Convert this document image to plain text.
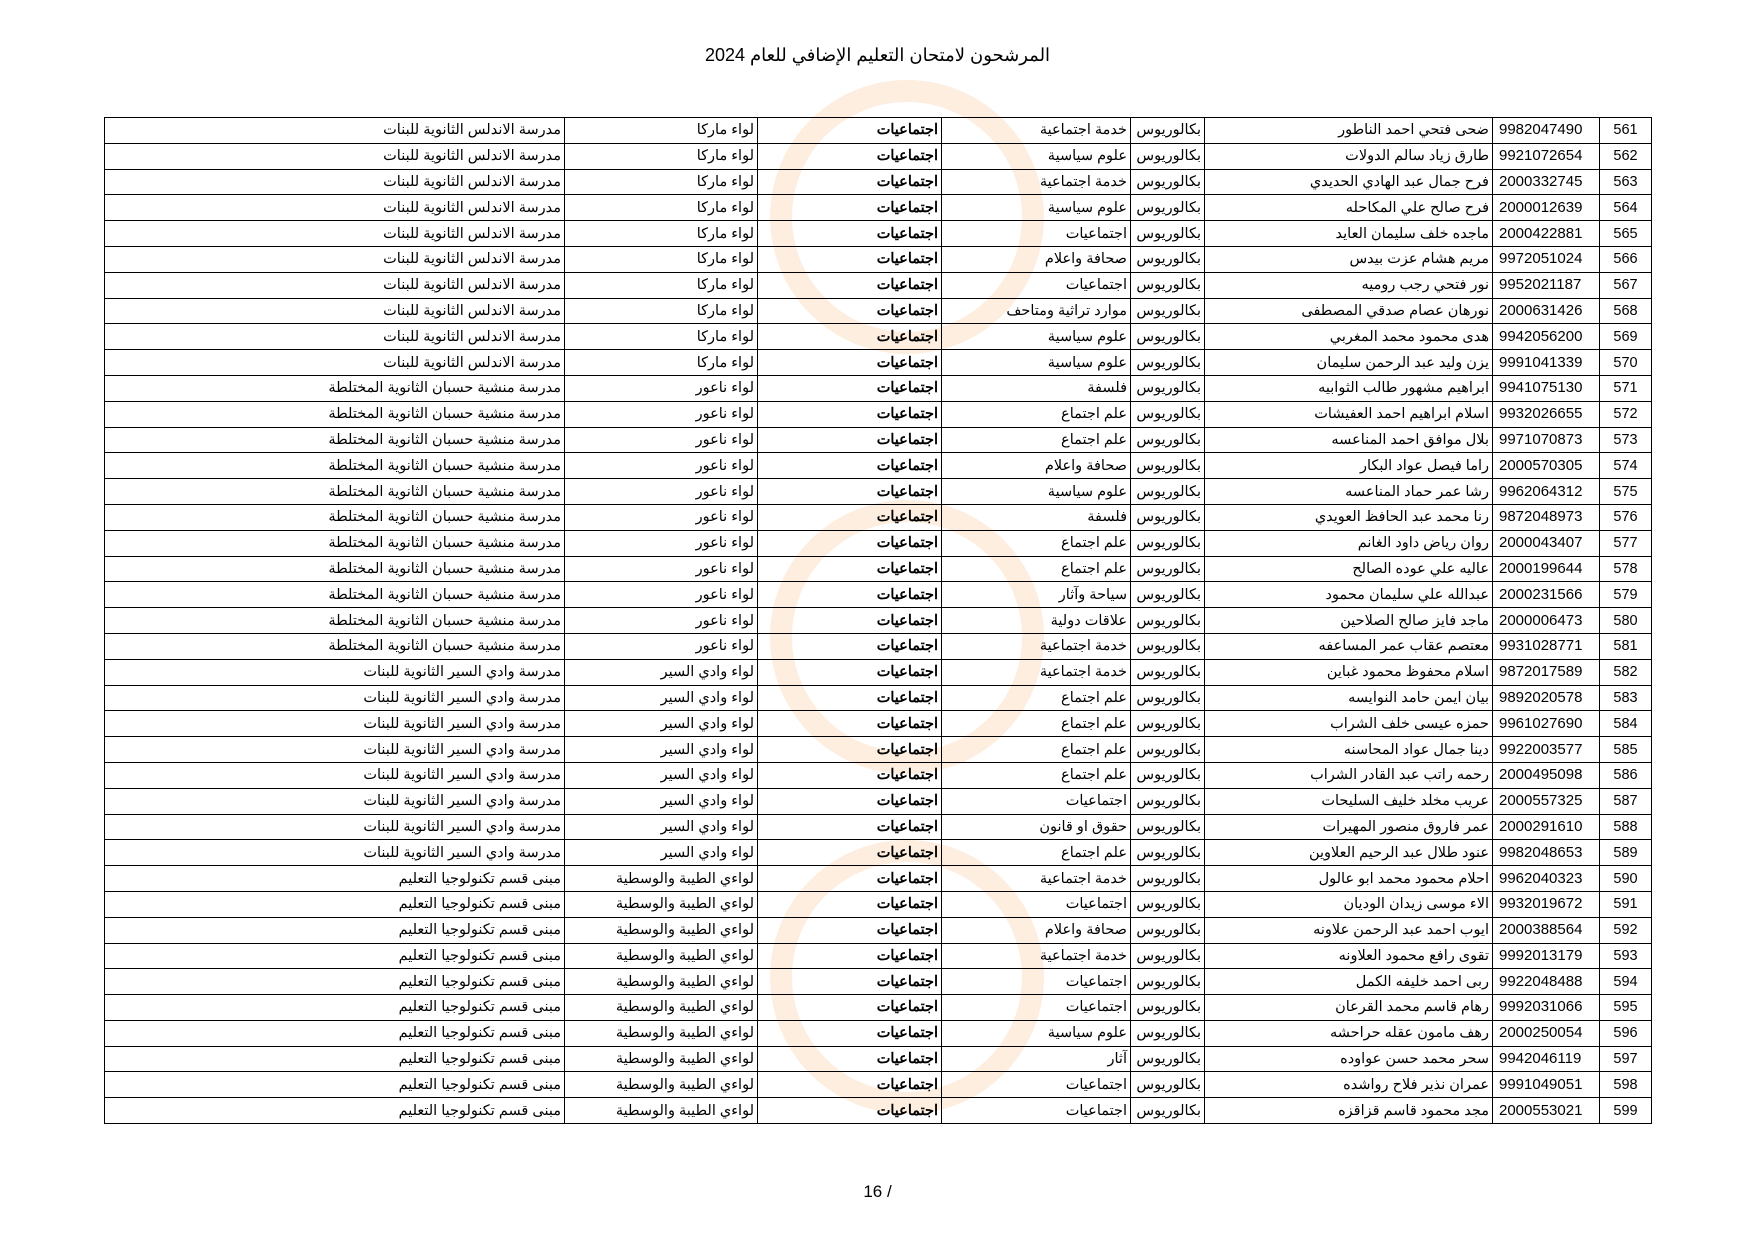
المرشحون لامتحان التعليم الإضافي للعام 2024
561	9982047490	ضحى فتحي احمد الناطور	بكالوريوس	خدمة اجتماعية	اجتماعيات	لواء ماركا	مدرسة الاندلس الثانوية للبنات
562	9921072654	طارق زياد سالم الدولات	بكالوريوس	علوم سياسية	اجتماعيات	لواء ماركا	مدرسة الاندلس الثانوية للبنات
563	2000332745	فرح جمال عبد الهادي الحديدي	بكالوريوس	خدمة اجتماعية	اجتماعيات	لواء ماركا	مدرسة الاندلس الثانوية للبنات
564	2000012639	فرح صالح علي المكاحله	بكالوريوس	علوم سياسية	اجتماعيات	لواء ماركا	مدرسة الاندلس الثانوية للبنات
565	2000422881	ماجده خلف سليمان العايد	بكالوريوس	اجتماعيات	اجتماعيات	لواء ماركا	مدرسة الاندلس الثانوية للبنات
566	9972051024	مريم هشام عزت بيدس	بكالوريوس	صحافة واعلام	اجتماعيات	لواء ماركا	مدرسة الاندلس الثانوية للبنات
567	9952021187	نور فتحي رجب روميه	بكالوريوس	اجتماعيات	اجتماعيات	لواء ماركا	مدرسة الاندلس الثانوية للبنات
568	2000631426	نورهان عصام صدقي المصطفى	بكالوريوس	موارد تراثية ومتاحف	اجتماعيات	لواء ماركا	مدرسة الاندلس الثانوية للبنات
569	9942056200	هدى محمود محمد المغربي	بكالوريوس	علوم سياسية	اجتماعيات	لواء ماركا	مدرسة الاندلس الثانوية للبنات
570	9991041339	يزن وليد عبد الرحمن سليمان	بكالوريوس	علوم سياسية	اجتماعيات	لواء ماركا	مدرسة الاندلس الثانوية للبنات
571	9941075130	ابراهيم مشهور طالب الثوابيه	بكالوريوس	فلسفة	اجتماعيات	لواء ناعور	مدرسة منشية حسبان الثانوية المختلطة
572	9932026655	اسلام ابراهيم احمد العفيشات	بكالوريوس	علم اجتماع	اجتماعيات	لواء ناعور	مدرسة منشية حسبان الثانوية المختلطة
573	9971070873	بلال موافق احمد المناعسه	بكالوريوس	علم اجتماع	اجتماعيات	لواء ناعور	مدرسة منشية حسبان الثانوية المختلطة
574	2000570305	راما فيصل عواد البكار	بكالوريوس	صحافة واعلام	اجتماعيات	لواء ناعور	مدرسة منشية حسبان الثانوية المختلطة
575	9962064312	رشا عمر حماد المناعسه	بكالوريوس	علوم سياسية	اجتماعيات	لواء ناعور	مدرسة منشية حسبان الثانوية المختلطة
576	9872048973	رنا محمد عبد الحافظ العويدي	بكالوريوس	فلسفة	اجتماعيات	لواء ناعور	مدرسة منشية حسبان الثانوية المختلطة
577	2000043407	روان رياض داود الغانم	بكالوريوس	علم اجتماع	اجتماعيات	لواء ناعور	مدرسة منشية حسبان الثانوية المختلطة
578	2000199644	عاليه علي عوده الصالح	بكالوريوس	علم اجتماع	اجتماعيات	لواء ناعور	مدرسة منشية حسبان الثانوية المختلطة
579	2000231566	عبدالله علي سليمان محمود	بكالوريوس	سياحة وآثار	اجتماعيات	لواء ناعور	مدرسة منشية حسبان الثانوية المختلطة
580	2000006473	ماجد فايز صالح الصلاحين	بكالوريوس	علاقات دولية	اجتماعيات	لواء ناعور	مدرسة منشية حسبان الثانوية المختلطة
581	9931028771	معتصم عقاب عمر المساعفه	بكالوريوس	خدمة اجتماعية	اجتماعيات	لواء ناعور	مدرسة منشية حسبان الثانوية المختلطة
582	9872017589	اسلام محفوظ محمود غباين	بكالوريوس	خدمة اجتماعية	اجتماعيات	لواء وادي السير	مدرسة وادي السير الثانوية للبنات
583	9892020578	بيان ايمن حامد النوايسه	بكالوريوس	علم اجتماع	اجتماعيات	لواء وادي السير	مدرسة وادي السير الثانوية للبنات
584	9961027690	حمزه عيسى خلف الشراب	بكالوريوس	علم اجتماع	اجتماعيات	لواء وادي السير	مدرسة وادي السير الثانوية للبنات
585	9922003577	دينا جمال عواد المحاسنه	بكالوريوس	علم اجتماع	اجتماعيات	لواء وادي السير	مدرسة وادي السير الثانوية للبنات
586	2000495098	رحمه راتب عبد القادر الشراب	بكالوريوس	علم اجتماع	اجتماعيات	لواء وادي السير	مدرسة وادي السير الثانوية للبنات
587	2000557325	عريب مخلد خليف السليحات	بكالوريوس	اجتماعيات	اجتماعيات	لواء وادي السير	مدرسة وادي السير الثانوية للبنات
588	2000291610	عمر فاروق منصور المهيرات	بكالوريوس	حقوق او قانون	اجتماعيات	لواء وادي السير	مدرسة وادي السير الثانوية للبنات
589	9982048653	عنود طلال عبد الرحيم العلاوين	بكالوريوس	علم اجتماع	اجتماعيات	لواء وادي السير	مدرسة وادي السير الثانوية للبنات
590	9962040323	احلام محمود محمد ابو عالول	بكالوريوس	خدمة اجتماعية	اجتماعيات	لواءي الطيبة والوسطية	مبنى قسم تكنولوجيا التعليم
591	9932019672	الاء موسى زيدان الوديان	بكالوريوس	اجتماعيات	اجتماعيات	لواءي الطيبة والوسطية	مبنى قسم تكنولوجيا التعليم
592	2000388564	ايوب احمد عبد الرحمن علاونه	بكالوريوس	صحافة واعلام	اجتماعيات	لواءي الطيبة والوسطية	مبنى قسم تكنولوجيا التعليم
593	9992013179	تقوى رافع محمود العلاونه	بكالوريوس	خدمة اجتماعية	اجتماعيات	لواءي الطيبة والوسطية	مبنى قسم تكنولوجيا التعليم
594	9922048488	ربى احمد خليفه الكمل	بكالوريوس	اجتماعيات	اجتماعيات	لواءي الطيبة والوسطية	مبنى قسم تكنولوجيا التعليم
595	9992031066	رهام قاسم محمد القرعان	بكالوريوس	اجتماعيات	اجتماعيات	لواءي الطيبة والوسطية	مبنى قسم تكنولوجيا التعليم
596	2000250054	رهف مامون عقله حراحشه	بكالوريوس	علوم سياسية	اجتماعيات	لواءي الطيبة والوسطية	مبنى قسم تكنولوجيا التعليم
597	9942046119	سحر محمد حسن عواوده	بكالوريوس	آثار	اجتماعيات	لواءي الطيبة والوسطية	مبنى قسم تكنولوجيا التعليم
598	9991049051	عمران نذير فلاح رواشده	بكالوريوس	اجتماعيات	اجتماعيات	لواءي الطيبة والوسطية	مبنى قسم تكنولوجيا التعليم
599	2000553021	مجد محمود قاسم قزاقزه	بكالوريوس	اجتماعيات	اجتماعيات	لواءي الطيبة والوسطية	مبنى قسم تكنولوجيا التعليم
16 /
